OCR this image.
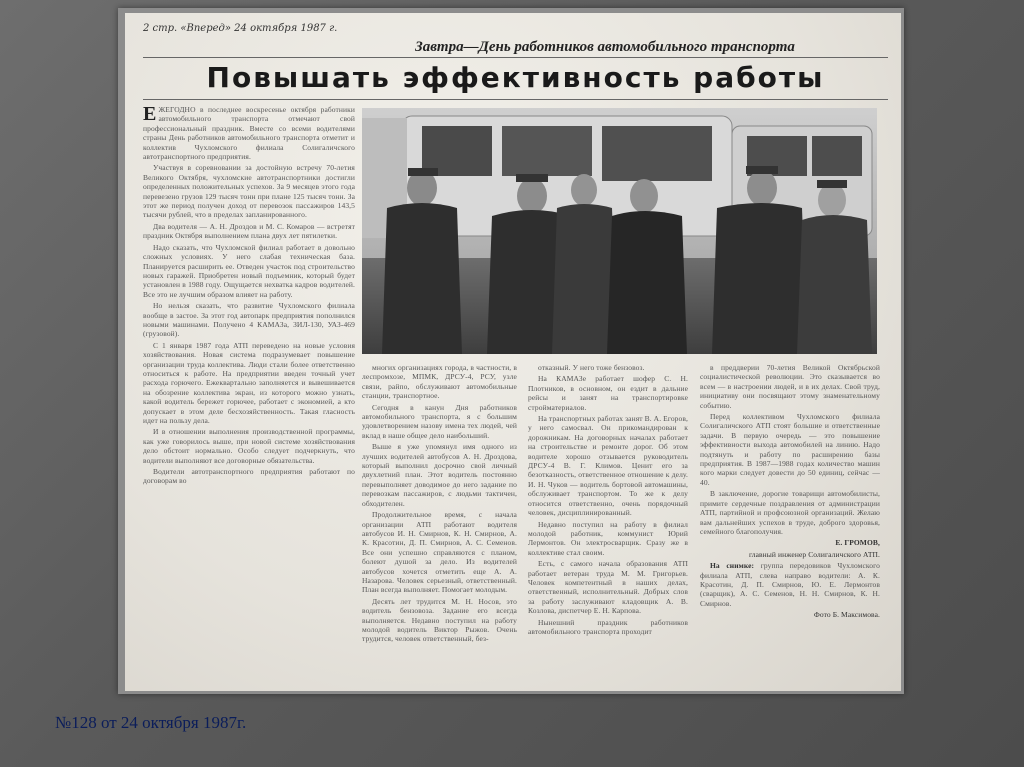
2 стр. «Вперед» 24 октября 1987 г.
Завтра—День работников автомобильного транспорта
Повышать эффективность работы

ЕЖЕГОДНО в последнее воскресенье октября работники автомобильного транспорта отмечают свой профессиональный праздник. Вместе со всеми водителями страны День работников автомобильного транспорта отметит и коллектив Чухломского филиала Солигаличского автотранспортного предприятия.

Участвуя в соревновании за достойную встречу 70-летия Великого Октября, чухломские автотранспортники достигли определенных положительных успехов. За 9 месяцев этого года перевезено грузов 129 тысяч тонн при плане 125 тысяч тонн. За этот же период получен доход от перевозок пассажиров 143,5 тысячи рублей, что в пределах запланированного.

Два водителя — А. Н. Дроздов и М. С. Комаров — встретят праздник Октября выполнением плана двух лет пятилетки.

Надо сказать, что Чухломской филиал работает в довольно сложных условиях. У него слабая техническая база. Планируется расширить ее. Отведен участок под строительство новых гаражей. Приобретен новый подъемник, который будет установлен в 1988 году. Ощущается нехватка кадров водителей. Все это не лучшим образом влияет на работу.

Но нельзя сказать, что развитие Чухломского филиала вообще в застое. За этот год автопарк предприятия пополнился новыми машинами. Получено 4 КАМАЗа, ЗИЛ-130, УАЗ-469 (грузовой).

С 1 января 1987 года АТП переведено на новые условия хозяйствования. Новая система подразумевает повышение организации труда коллектива. Люди стали более ответственно относиться к работе. На предприятии введен точный учет расхода горючего. Ежеквартально заполняется и вывешивается на обозрение коллектива экран, из которого можно узнать, какой водитель бережет горючее, работает с экономией, а кто допускает в этом деле бесхозяйственность. Такая гласность идет на пользу дела.

И в отношении выполнения производственной программы, как уже говорилось выше, при новой системе хозяйствования дело обстоит нормально. Особо следует подчеркнуть, что водители выполняют все договорные обязательства.

Водители автотранспортного предприятия работают по договорам во

многих организациях города, в частности, в леспромхозе, МПМК, ДРСУ-4, РСУ, узле связи, райпо, обслуживают автомобильные станции, транспортное.

Сегодня в канун Дня работников автомобильного транспорта, я с большим удовлетворением назову имена тех людей, чей вклад в наше общее дело наибольший.

Выше я уже упомянул имя одного из лучших водителей автобусов А. Н. Дроздова, который выполнил досрочно свой личный двухлетний план. Этот водитель постоянно перевыполняет доводимое до него задание по перевозкам пассажиров, с людьми тактичен, обходителен.

Продолжительное время, с начала организации АТП работают водителя автобусов И. Н. Смирнов, К. Н. Смирнов, А. К. Красотин, Д. П. Смирнов, А. С. Семенов. Все они успешно справляются с планом, болеют душой за дело. Из водителей автобусов хочется отметить еще А. А. Назарова. Человек серьезный, ответственный. План всегда выполняет. Помогает молодым.

Десять лет трудится М. Н. Носов, это водитель бензовоза. Задание его всегда выполняется. Недавно поступил на работу молодой водитель Виктор Рыжов. Очень трудится, человек ответственный, без-

отказный. У него тоже бензовоз.

На КАМАЗе работает шофер С. Н. Плотников, в основном, он ездит в дальние рейсы и занят на транспортировке стройматериалов.

На транспортных работах занят В. А. Егоров, у него самосвал. Он прикомандирован к дорожникам. На договорных началах работает на строительстве и ремонте дорог. Об этом водителе хорошо отзывается руководитель ДРСУ-4 В. Г. Климов. Ценит его за безотказность, ответственное отношение к делу. И. Н. Чуков — водитель бортовой автомашины, обслуживает транспортом. То же к делу относится ответственно, очень порядочный человек, дисциплинированный.

Недавно поступил на работу в филиал молодой работник, коммунист Юрий Лермонтов. Он электросварщик. Сразу же в коллективе стал своим.

Есть, с самого начала образования АТП работает ветеран труда М. М. Григорьев. Человек компетентный в наших делах, ответственный, исполнительный. Добрых слов за работу заслуживают кладовщик А. В. Козлова, диспетчер Е. Н. Карпова.

Нынешний праздник работников автомобильного транспорта проходит

в преддверии 70-летия Великой Октябрьской социалистической революции. Это сказывается во всем — в настроении людей, и в их делах. Свой труд, инициативу они посвящают этому знаменательному событию.

Перед коллективом Чухломского филиала Солигаличского АТП стоят большие и ответственные задачи. В первую очередь — это повышение эффективности выхода автомобилей на линию. Надо подтянуть и работу по расширению базы предприятия. В 1987—1988 годах количество машин кого марки следует довести до 50 единиц, сейчас — 40.

В заключение, дорогие товарищи автомобилисты, примите сердечные поздравления от администрации АТП, партийной и профсоюзной организаций. Желаю вам дальнейших успехов в труде, доброго здоровья, семейного благополучия.

Е. ГРОМОВ,

главный инженер Солигаличского АТП.

На снимке: группа передовиков Чухломского филиала АТП, слева направо водители: А. К. Красотин, Д. П. Смирнов, Ю. Е. Лермонтов (сварщик), А. С. Семенов, Н. Н. Смирнов, К. Н. Смирнов.

Фото Б. Максимова.

№128 от 24 октября 1987г.
